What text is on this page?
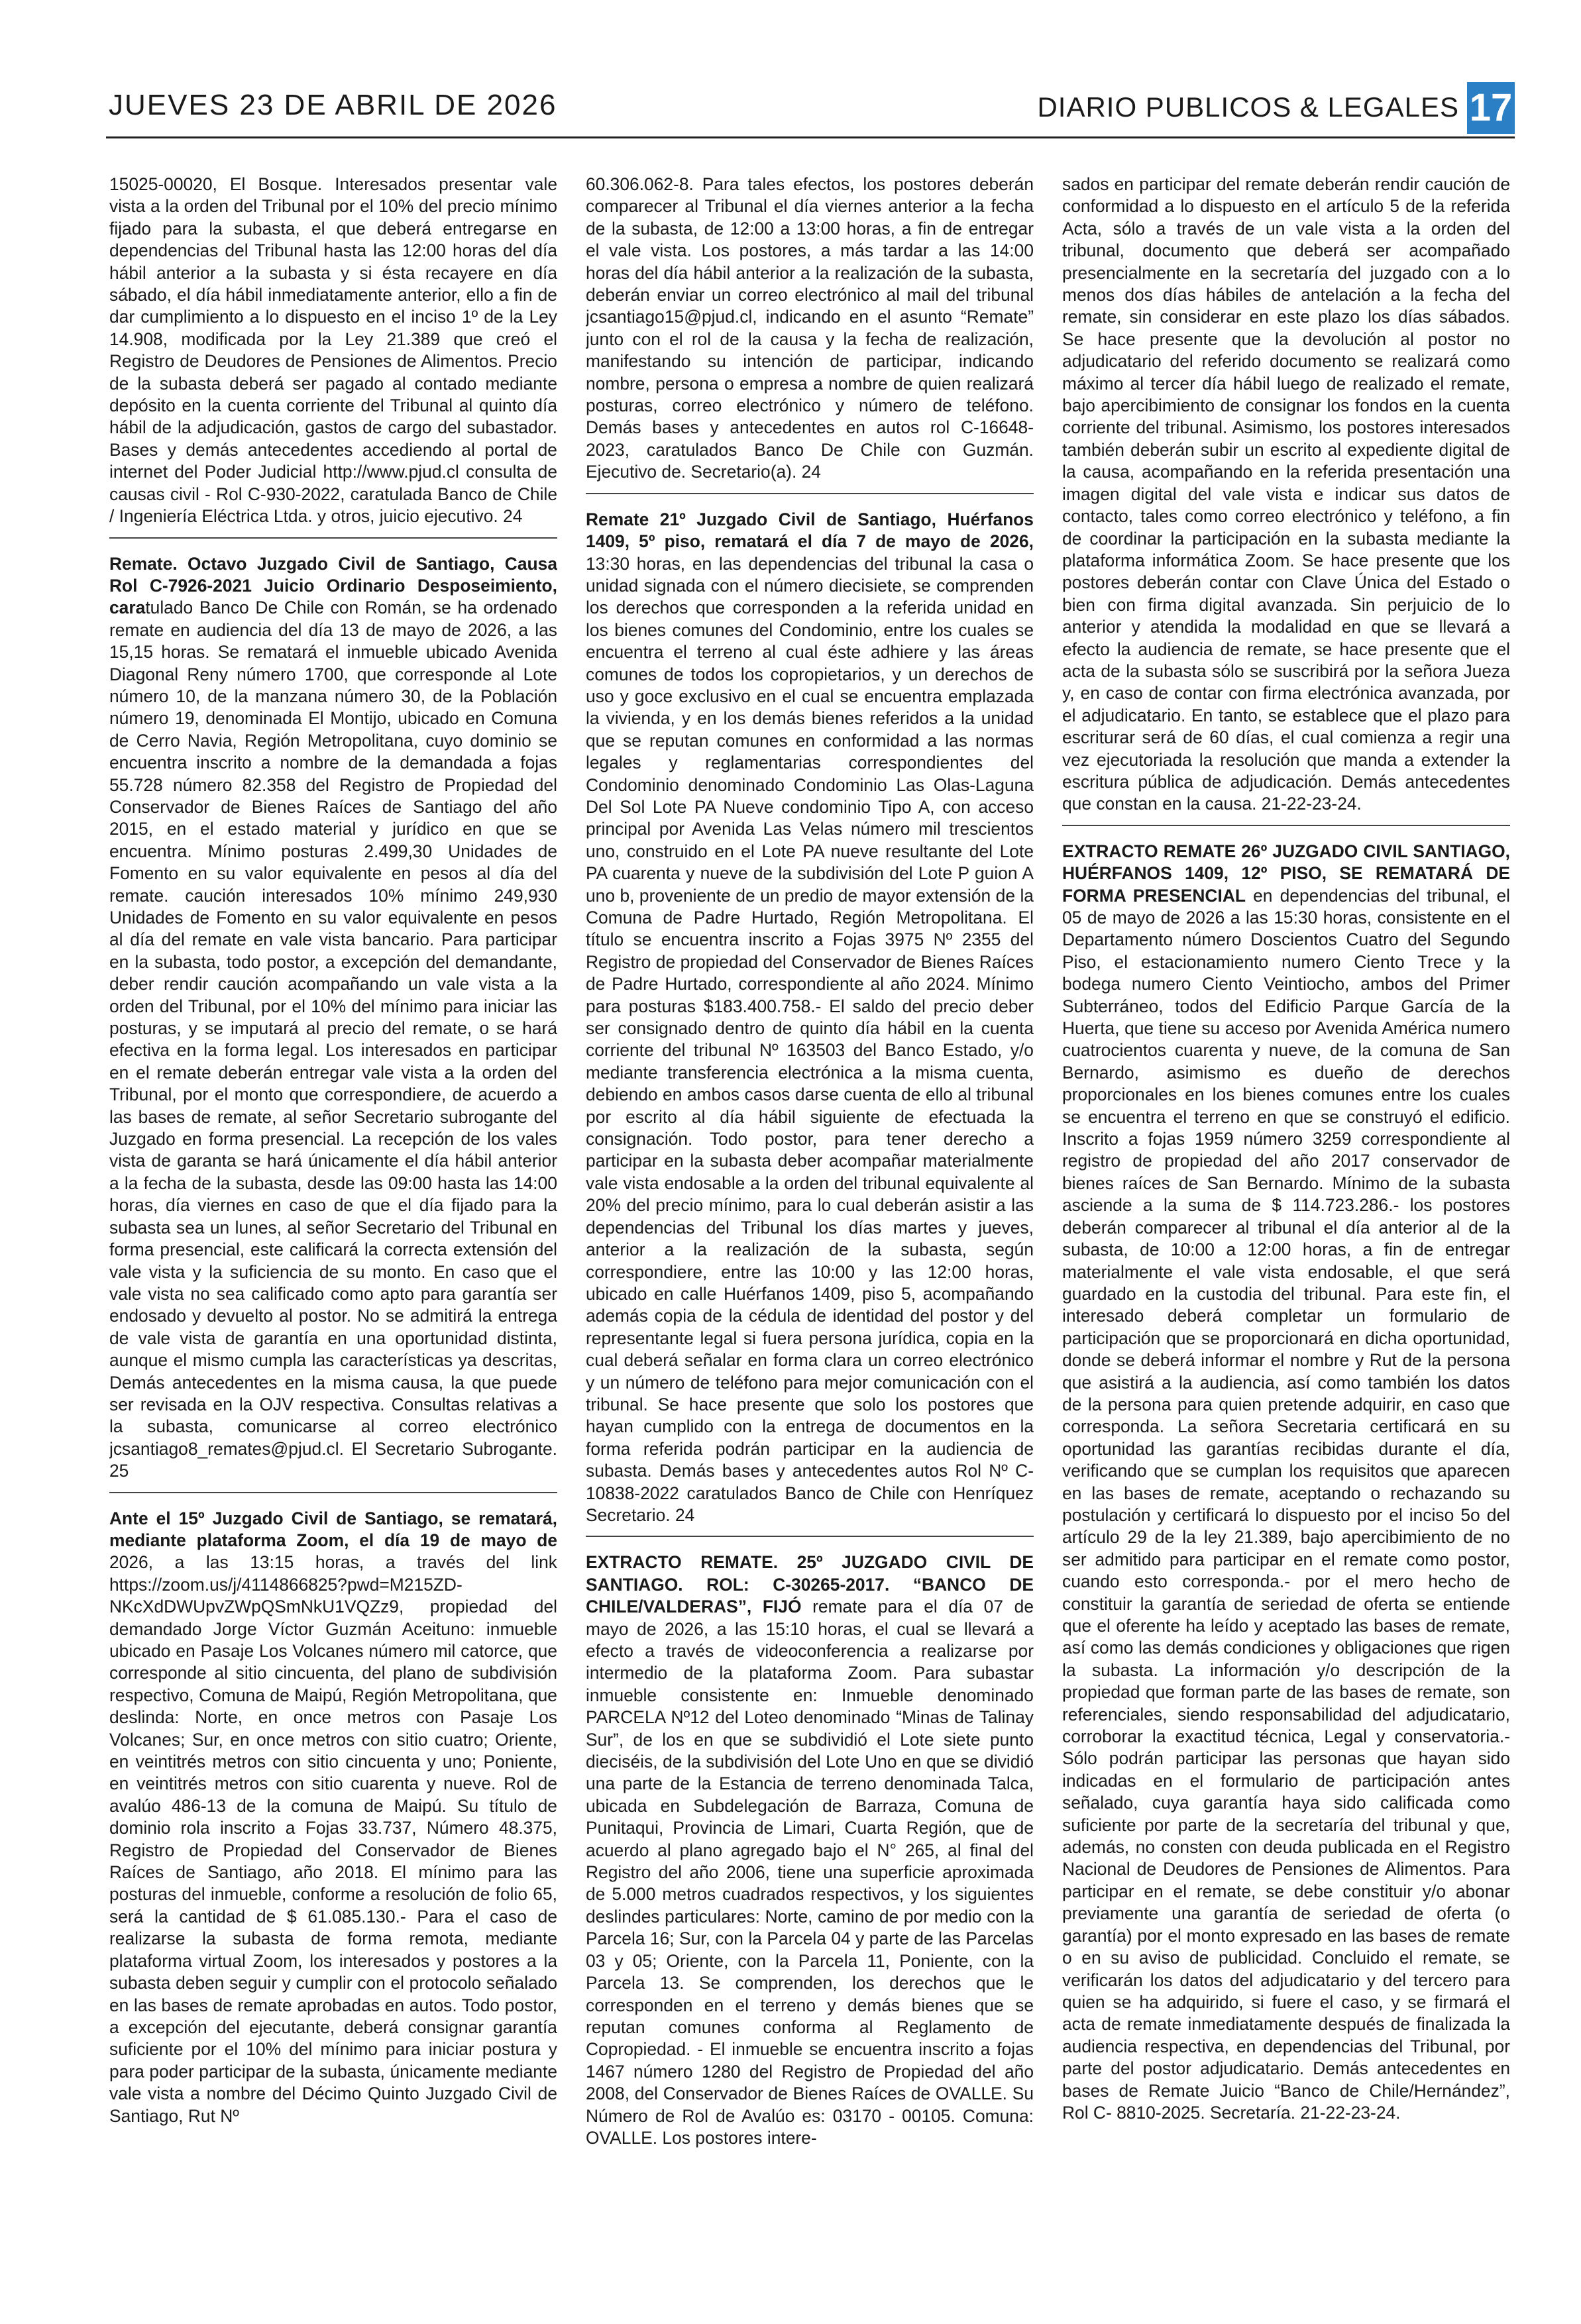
JUEVES 23 DE ABRIL DE 2026	DIARIO PUBLICOS & LEGALES 17

15025-00020, El Bosque. Interesados presentar vale vista a la orden del Tribunal por el 10% del precio mínimo fijado para la subasta, el que deberá entregarse en dependencias del Tribunal hasta las 12:00 horas del día hábil anterior a la subasta y si ésta recayere en día sábado, el día hábil inmediatamente anterior, ello a fin de dar cumplimiento a lo dispuesto en el inciso 1º de la Ley 14.908, modificada por la Ley 21.389 que creó el Registro de Deudores de Pensiones de Alimentos. Precio de la subasta deberá ser pagado al contado mediante depósito en la cuenta corriente del Tribunal al quinto día hábil de la adjudicación, gastos de cargo del subastador. Bases y demás antecedentes accediendo al portal de internet del Poder Judicial http://www.pjud.cl consulta de causas civil - Rol C-930-2022, caratulada Banco de Chile / Ingeniería Eléctrica Ltda. y otros, juicio ejecutivo. 24

Remate. Octavo Juzgado Civil de Santiago, Causa Rol C-7926-2021 Juicio Ordinario Desposeimiento, caratulado Banco De Chile con Román, se ha ordenado remate en audiencia del día 13 de mayo de 2026, a las 15,15 horas. Se rematará el inmueble ubicado Avenida Diagonal Reny número 1700, que corresponde al Lote número 10, de la manzana número 30, de la Población número 19, denominada El Montijo, ubicado en Comuna de Cerro Navia, Región Metropolitana, cuyo dominio se encuentra inscrito a nombre de la demandada a fojas 55.728 número 82.358 del Registro de Propiedad del Conservador de Bienes Raíces de Santiago del año 2015, en el estado material y jurídico en que se encuentra. Mínimo posturas 2.499,30 Unidades de Fomento en su valor equivalente en pesos al día del remate. caución interesados 10% mínimo 249,930 Unidades de Fomento en su valor equivalente en pesos al día del remate en vale vista bancario. Para participar en la subasta, todo postor, a excepción del demandante, deber rendir caución acompañando un vale vista a la orden del Tribunal, por el 10% del mínimo para iniciar las posturas, y se imputará al precio del remate, o se hará efectiva en la forma legal. Los interesados en participar en el remate deberán entregar vale vista a la orden del Tribunal, por el monto que correspondiere, de acuerdo a las bases de remate, al señor Secretario subrogante del Juzgado en forma presencial. La recepción de los vales vista de garanta se hará únicamente el día hábil anterior a la fecha de la subasta, desde las 09:00 hasta las 14:00 horas, día viernes en caso de que el día fijado para la subasta sea un lunes, al señor Secretario del Tribunal en forma presencial, este calificará la correcta extensión del vale vista y la suficiencia de su monto. En caso que el vale vista no sea calificado como apto para garantía ser endosado y devuelto al postor. No se admitirá la entrega de vale vista de garantía en una oportunidad distinta, aunque el mismo cumpla las características ya descritas, Demás antecedentes en la misma causa, la que puede ser revisada en la OJV respectiva. Consultas relativas a la subasta, comunicarse al correo electrónico jcsantiago8_remates@pjud.cl. El Secretario Subrogante. 25

Ante el 15º Juzgado Civil de Santiago, se rematará, mediante plataforma Zoom, el día 19 de mayo de 2026, a las 13:15 horas, a través del link https://zoom.us/j/4114866825?pwd=M215ZD-NKcXdDWUpvZWpQSmNkU1VQZz9, propiedad del demandado Jorge Víctor Guzmán Aceituno: inmueble ubicado en Pasaje Los Volcanes número mil catorce, que corresponde al sitio cincuenta, del plano de subdivisión respectivo, Comuna de Maipú, Región Metropolitana, que deslinda: Norte, en once metros con Pasaje Los Volcanes; Sur, en once metros con sitio cuatro; Oriente, en veintitrés metros con sitio cincuenta y uno; Poniente, en veintitrés metros con sitio cuarenta y nueve. Rol de avalúo 486-13 de la comuna de Maipú. Su título de dominio rola inscrito a Fojas 33.737, Número 48.375, Registro de Propiedad del Conservador de Bienes Raíces de Santiago, año 2018. El mínimo para las posturas del inmueble, conforme a resolución de folio 65, será la cantidad de $ 61.085.130.- Para el caso de realizarse la subasta de forma remota, mediante plataforma virtual Zoom, los interesados y postores a la subasta deben seguir y cumplir con el protocolo señalado en las bases de remate aprobadas en autos. Todo postor, a excepción del ejecutante, deberá consignar garantía suficiente por el 10% del mínimo para iniciar postura y para poder participar de la subasta, únicamente mediante vale vista a nombre del Décimo Quinto Juzgado Civil de Santiago, Rut Nº

60.306.062-8. Para tales efectos, los postores deberán comparecer al Tribunal el día viernes anterior a la fecha de la subasta, de 12:00 a 13:00 horas, a fin de entregar el vale vista. Los postores, a más tardar a las 14:00 horas del día hábil anterior a la realización de la subasta, deberán enviar un correo electrónico al mail del tribunal jcsantiago15@pjud.cl, indicando en el asunto “Remate” junto con el rol de la causa y la fecha de realización, manifestando su intención de participar, indicando nombre, persona o empresa a nombre de quien realizará posturas, correo electrónico y número de teléfono. Demás bases y antecedentes en autos rol C-16648-2023, caratulados Banco De Chile con Guzmán. Ejecutivo de. Secretario(a). 24

Remate 21º Juzgado Civil de Santiago, Huérfanos 1409, 5º piso, rematará el día 7 de mayo de 2026, 13:30 horas, en las dependencias del tribunal la casa o unidad signada con el número diecisiete, se comprenden los derechos que corresponden a la referida unidad en los bienes comunes del Condominio, entre los cuales se encuentra el terreno al cual éste adhiere y las áreas comunes de todos los copropietarios, y un derechos de uso y goce exclusivo en el cual se encuentra emplazada la vivienda, y en los demás bienes referidos a la unidad que se reputan comunes en conformidad a las normas legales y reglamentarias correspondientes del Condominio denominado Condominio Las Olas-Laguna Del Sol Lote PA Nueve condominio Tipo A, con acceso principal por Avenida Las Velas número mil trescientos uno, construido en el Lote PA nueve resultante del Lote PA cuarenta y nueve de la subdivisión del Lote P guion A uno b, proveniente de un predio de mayor extensión de la Comuna de Padre Hurtado, Región Metropolitana. El título se encuentra inscrito a Fojas 3975 Nº 2355 del Registro de propiedad del Conservador de Bienes Raíces de Padre Hurtado, correspondiente al año 2024. Mínimo para posturas $183.400.758.- El saldo del precio deber ser consignado dentro de quinto día hábil en la cuenta corriente del tribunal Nº 163503 del Banco Estado, y/o mediante transferencia electrónica a la misma cuenta, debiendo en ambos casos darse cuenta de ello al tribunal por escrito al día hábil siguiente de efectuada la consignación. Todo postor, para tener derecho a participar en la subasta deber acompañar materialmente vale vista endosable a la orden del tribunal equivalente al 20% del precio mínimo, para lo cual deberán asistir a las dependencias del Tribunal los días martes y jueves, anterior a la realización de la subasta, según correspondiere, entre las 10:00 y las 12:00 horas, ubicado en calle Huérfanos 1409, piso 5, acompañando además copia de la cédula de identidad del postor y del representante legal si fuera persona jurídica, copia en la cual deberá señalar en forma clara un correo electrónico y un número de teléfono para mejor comunicación con el tribunal. Se hace presente que solo los postores que hayan cumplido con la entrega de documentos en la forma referida podrán participar en la audiencia de subasta. Demás bases y antecedentes autos Rol Nº C-10838-2022 caratulados Banco de Chile con Henríquez Secretario. 24

EXTRACTO REMATE. 25º JUZGADO CIVIL DE SANTIAGO. ROL: C-30265-2017. “BANCO DE CHILE/VALDERAS”, FIJÓ remate para el día 07 de mayo de 2026, a las 15:10 horas, el cual se llevará a efecto a través de videoconferencia a realizarse por intermedio de la plataforma Zoom. Para subastar inmueble consistente en: Inmueble denominado PARCELA Nº12 del Loteo denominado “Minas de Talinay Sur”, de los en que se subdividió el Lote siete punto dieciséis, de la subdivisión del Lote Uno en que se dividió una parte de la Estancia de terreno denominada Talca, ubicada en Subdelegación de Barraza, Comuna de Punitaqui, Provincia de Limari, Cuarta Región, que de acuerdo al plano agregado bajo el N° 265, al final del Registro del año 2006, tiene una superficie aproximada de 5.000 metros cuadrados respectivos, y los siguientes deslindes particulares: Norte, camino de por medio con la Parcela 16; Sur, con la Parcela 04 y parte de las Parcelas 03 y 05; Oriente, con la Parcela 11, Poniente, con la Parcela 13. Se comprenden, los derechos que le corresponden en el terreno y demás bienes que se reputan comunes conforma al Reglamento de Copropiedad. - El inmueble se encuentra inscrito a fojas 1467 número 1280 del Registro de Propiedad del año 2008, del Conservador de Bienes Raíces de OVALLE. Su Número de Rol de Avalúo es: 03170 - 00105. Comuna: OVALLE. Los postores intere-

sados en participar del remate deberán rendir caución de conformidad a lo dispuesto en el artículo 5 de la referida Acta, sólo a través de un vale vista a la orden del tribunal, documento que deberá ser acompañado presencialmente en la secretaría del juzgado con a lo menos dos días hábiles de antelación a la fecha del remate, sin considerar en este plazo los días sábados. Se hace presente que la devolución al postor no adjudicatario del referido documento se realizará como máximo al tercer día hábil luego de realizado el remate, bajo apercibimiento de consignar los fondos en la cuenta corriente del tribunal. Asimismo, los postores interesados también deberán subir un escrito al expediente digital de la causa, acompañando en la referida presentación una imagen digital del vale vista e indicar sus datos de contacto, tales como correo electrónico y teléfono, a fin de coordinar la participación en la subasta mediante la plataforma informática Zoom. Se hace presente que los postores deberán contar con Clave Única del Estado o bien con firma digital avanzada. Sin perjuicio de lo anterior y atendida la modalidad en que se llevará a efecto la audiencia de remate, se hace presente que el acta de la subasta sólo se suscribirá por la señora Jueza y, en caso de contar con firma electrónica avanzada, por el adjudicatario. En tanto, se establece que el plazo para escriturar será de 60 días, el cual comienza a regir una vez ejecutoriada la resolución que manda a extender la escritura pública de adjudicación. Demás antecedentes que constan en la causa. 21-22-23-24.

EXTRACTO REMATE 26º JUZGADO CIVIL SANTIAGO, HUÉRFANOS 1409, 12º PISO, SE REMATARÁ DE FORMA PRESENCIAL en dependencias del tribunal, el 05 de mayo de 2026 a las 15:30 horas, consistente en el Departamento número Doscientos Cuatro del Segundo Piso, el estacionamiento numero Ciento Trece y la bodega numero Ciento Veintiocho, ambos del Primer Subterráneo, todos del Edificio Parque García de la Huerta, que tiene su acceso por Avenida América numero cuatrocientos cuarenta y nueve, de la comuna de San Bernardo, asimismo es dueño de derechos proporcionales en los bienes comunes entre los cuales se encuentra el terreno en que se construyó el edificio. Inscrito a fojas 1959 número 3259 correspondiente al registro de propiedad del año 2017 conservador de bienes raíces de San Bernardo. Mínimo de la subasta asciende a la suma de $ 114.723.286.- los postores deberán comparecer al tribunal el día anterior al de la subasta, de 10:00 a 12:00 horas, a fin de entregar materialmente el vale vista endosable, el que será guardado en la custodia del tribunal. Para este fin, el interesado deberá completar un formulario de participación que se proporcionará en dicha oportunidad, donde se deberá informar el nombre y Rut de la persona que asistirá a la audiencia, así como también los datos de la persona para quien pretende adquirir, en caso que corresponda. La señora Secretaria certificará en su oportunidad las garantías recibidas durante el día, verificando que se cumplan los requisitos que aparecen en las bases de remate, aceptando o rechazando su postulación y certificará lo dispuesto por el inciso 5o del artículo 29 de la ley 21.389, bajo apercibimiento de no ser admitido para participar en el remate como postor, cuando esto corresponda.- por el mero hecho de constituir la garantía de seriedad de oferta se entiende que el oferente ha leído y aceptado las bases de remate, así como las demás condiciones y obligaciones que rigen la subasta. La información y/o descripción de la propiedad que forman parte de las bases de remate, son referenciales, siendo responsabilidad del adjudicatario, corroborar la exactitud técnica, Legal y conservatoria.- Sólo podrán participar las personas que hayan sido indicadas en el formulario de participación antes señalado, cuya garantía haya sido calificada como suficiente por parte de la secretaría del tribunal y que, además, no consten con deuda publicada en el Registro Nacional de Deudores de Pensiones de Alimentos. Para participar en el remate, se debe constituir y/o abonar previamente una garantía de seriedad de oferta (o garantía) por el monto expresado en las bases de remate o en su aviso de publicidad. Concluido el remate, se verificarán los datos del adjudicatario y del tercero para quien se ha adquirido, si fuere el caso, y se firmará el acta de remate inmediatamente después de finalizada la audiencia respectiva, en dependencias del Tribunal, por parte del postor adjudicatario. Demás antecedentes en bases de Remate Juicio “Banco de Chile/Hernández”, Rol C- 8810-2025. Secretaría. 21-22-23-24.
